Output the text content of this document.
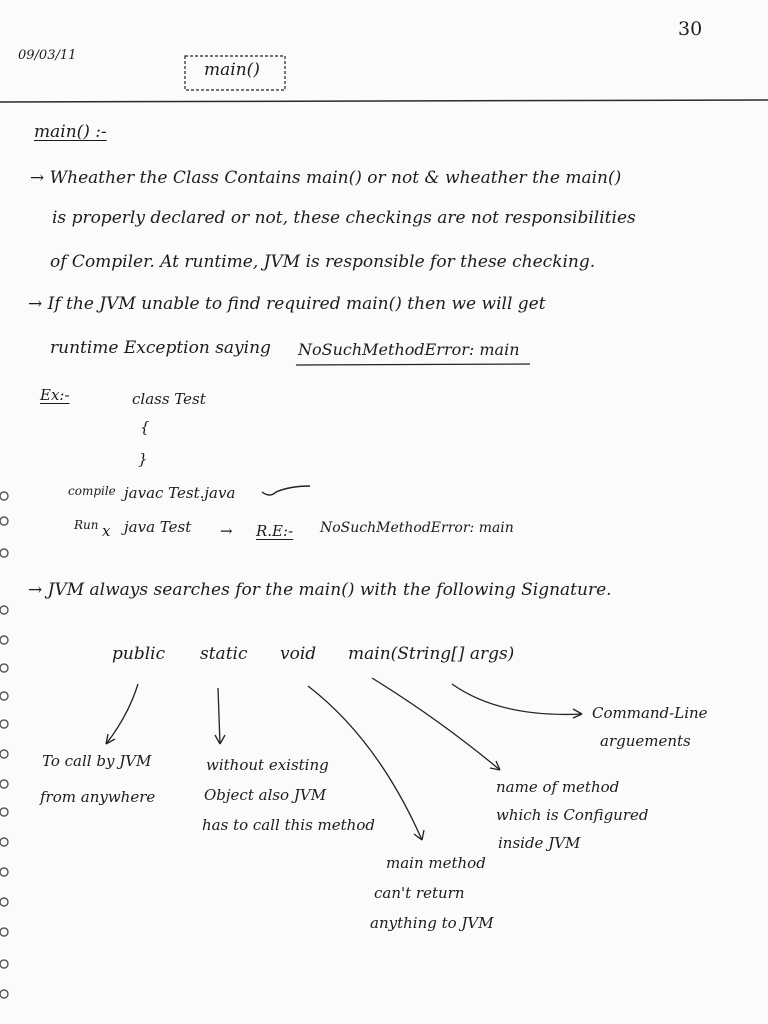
30
09/03/11
main()
main() :-
→ Wheather the Class Contains main() or not & wheather the main()
is properly declared or not, these checkings are not responsibilities
of Compiler. At runtime, JVM is responsible for these checking.
→ If the JVM unable to find required main() then we will get
runtime Exception saying NoSuchMethodError: main
Ex:-	class Test
{
}
compile javac Test.java
Run x java Test → R.E:- NoSuchMethodError: main
→ JVM always searches for the main() with the following Signature.
public static void main(String[] args)
To call by JVM
from anywhere
without existing
Object also JVM
has to call this method
main method
can't return
anything to JVM
name of method
which is Configured
inside JVM
Command-Line
arguements
